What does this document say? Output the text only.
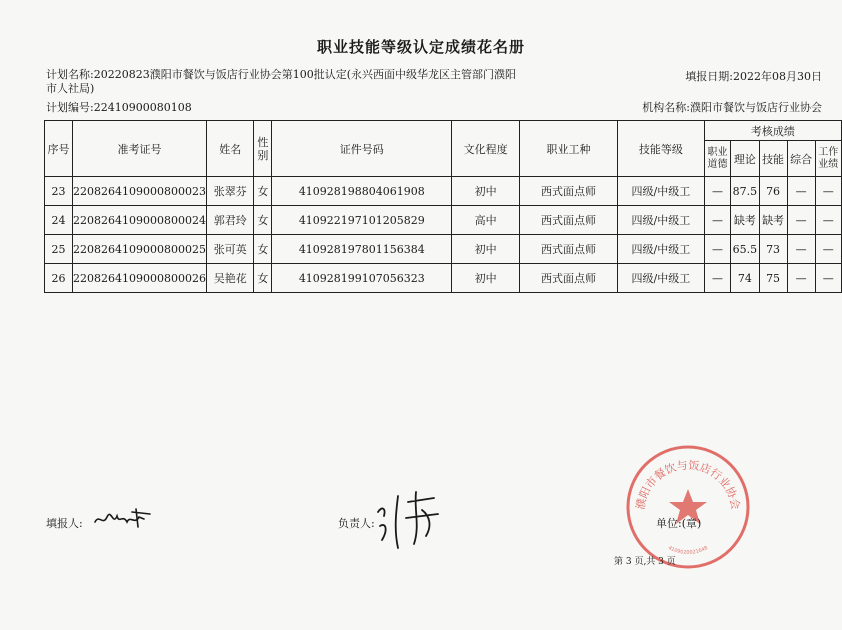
职业技能等级认定成绩花名册
计划名称:20220823濮阳市餐饮与饭店行业协会第100批认定(永兴西面中级华龙区主管部门濮阳市人社局)
填报日期:2022年08月30日
计划编号:22410900080108	机构名称:濮阳市餐饮与饭店行业协会
序号	准考证号	姓名	性别	证件号码	文化程度	职业工种	技能等级	考核成绩				
								职业道德	理论	技能	综合	工作业绩
23	2208264109000800023	张翠芬	女	410928198804061908	初中	西式面点师	四级/中级工	—	87.5	76	—	—
24	2208264109000800024	郭君玲	女	410922197101205829	高中	西式面点师	四级/中级工	—	缺考	缺考	—	—
25	2208264109000800025	张可英	女	410928197801156384	初中	西式面点师	四级/中级工	—	65.5	73	—	—
26	2208264109000800026	吴艳花	女	410928199107056323	初中	西式面点师	四级/中级工	—	74	75	—	—
濮阳市餐饮与饭店行业协会
4109020021648
填报人:	负责人:	单位:(章)
第 3 页,共 3 页
